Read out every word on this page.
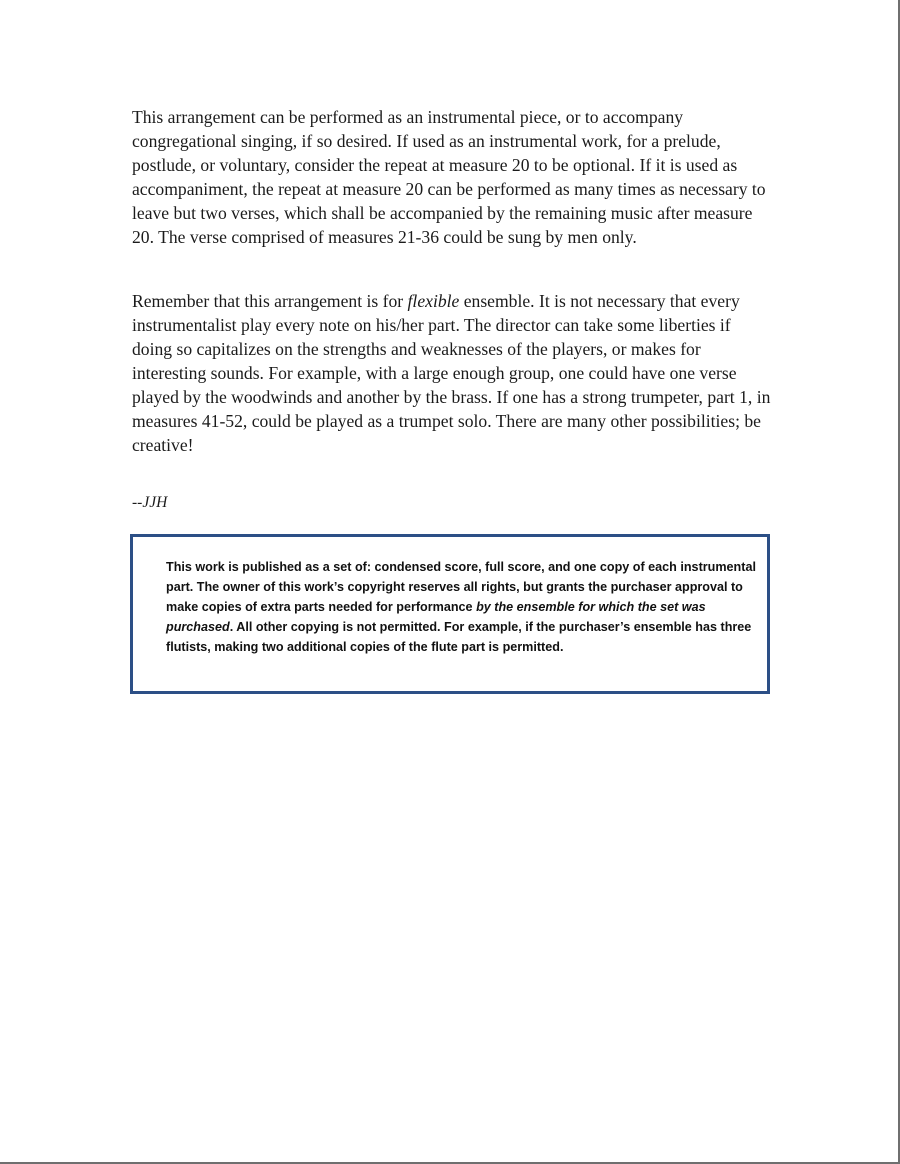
This arrangement can be performed as an instrumental piece, or to accompany congregational singing, if so desired. If used as an instrumental work, for a prelude, postlude, or voluntary, consider the repeat at measure 20 to be optional. If it is used as accompaniment, the repeat at measure 20 can be performed as many times as necessary to leave but two verses, which shall be accompanied by the remaining music after measure 20. The verse comprised of measures 21-36 could be sung by men only.

Remember that this arrangement is for flexible ensemble. It is not necessary that every instrumentalist play every note on his/her part. The director can take some liberties if doing so capitalizes on the strengths and weaknesses of the players, or makes for interesting sounds. For example, with a large enough group, one could have one verse played by the woodwinds and another by the brass. If one has a strong trumpeter, part 1, in measures 41-52, could be played as a trumpet solo. There are many other possibilities; be creative!

--JJH

This work is published as a set of: condensed score, full score, and one copy of each instrumental part. The owner of this work’s copyright reserves all rights, but grants the purchaser approval to make copies of extra parts needed for performance by the ensemble for which the set was purchased. All other copying is not permitted. For example, if the purchaser’s ensemble has three flutists, making two additional copies of the flute part is permitted.
